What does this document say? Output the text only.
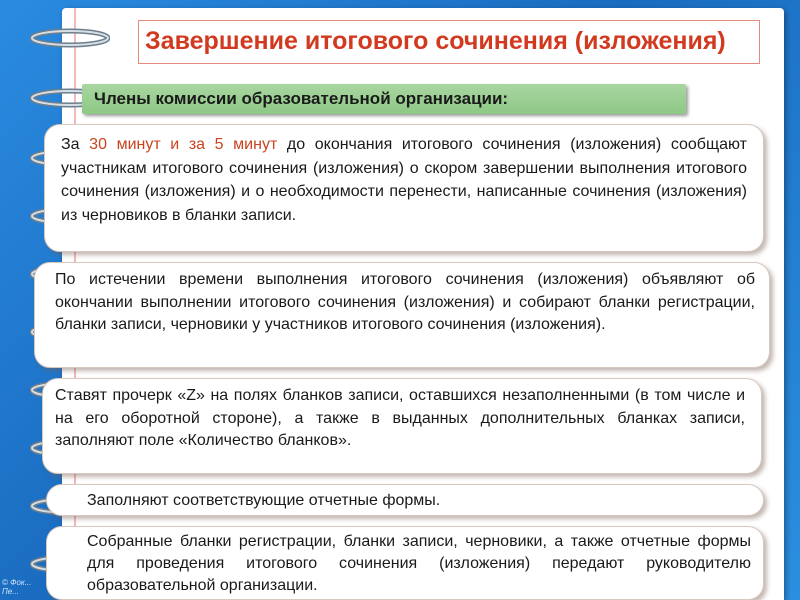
Завершение итогового сочинения (изложения)
Члены комиссии образовательной организации:

За 30 минут и за 5 минут до окончания итогового сочинения (изложения) сообщают участникам итогового сочинения (изложения) о скором завершении выполнения итогового сочинения (изложения) и о необходимости перенести, написанные сочинения (изложения) из черновиков в бланки записи.

По истечении времени выполнения итогового сочинения (изложения) объявляют об окончании выполнении итогового сочинения (изложения) и собирают бланки регистрации, бланки записи, черновики у участников итогового сочинения (изложения).

Ставят прочерк «Z» на полях бланков записи, оставшихся незаполненными (в том числе и на его оборотной стороне), а также в выданных дополнительных бланках записи, заполняют поле «Количество бланков».

Заполняют соответствующие отчетные формы.

Собранные бланки регистрации, бланки записи, черновики, а также отчетные формы для проведения итогового сочинения (изложения) передают руководителю образовательной организации.

© Фок... Пе...
